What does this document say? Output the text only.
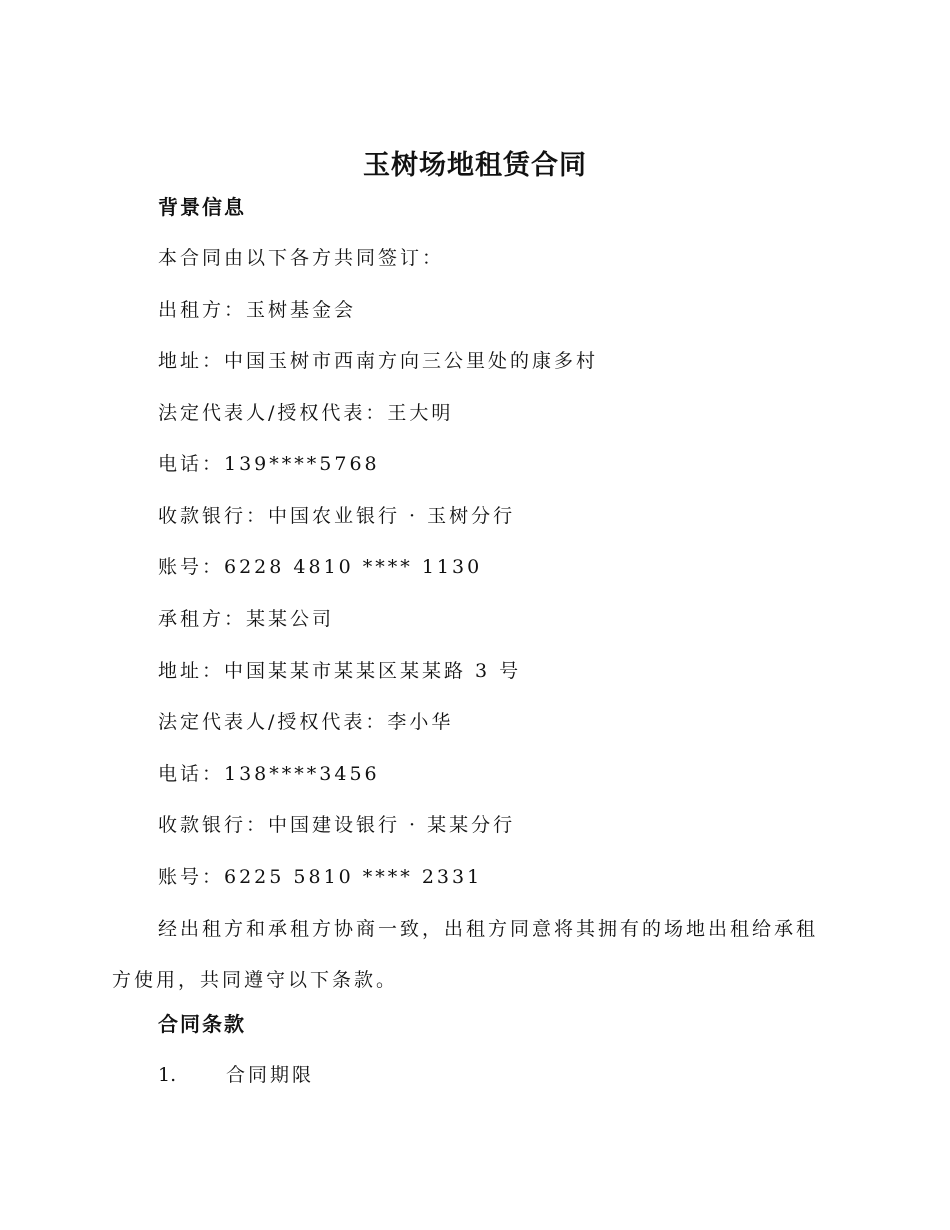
玉树场地租赁合同
背景信息
本合同由以下各方共同签订：
出租方：玉树基金会
地址：中国玉树市西南方向三公里处的康多村
法定代表人/授权代表：王大明
电话：139****5768
收款银行：中国农业银行 · 玉树分行
账号：6228 4810 **** 1130
承租方：某某公司
地址：中国某某市某某区某某路 3 号
法定代表人/授权代表：李小华
电话：138****3456
收款银行：中国建设银行 · 某某分行
账号：6225 5810 **** 2331
经出租方和承租方协商一致，出租方同意将其拥有的场地出租给承租方使用，共同遵守以下条款。
合同条款
1.	合同期限
